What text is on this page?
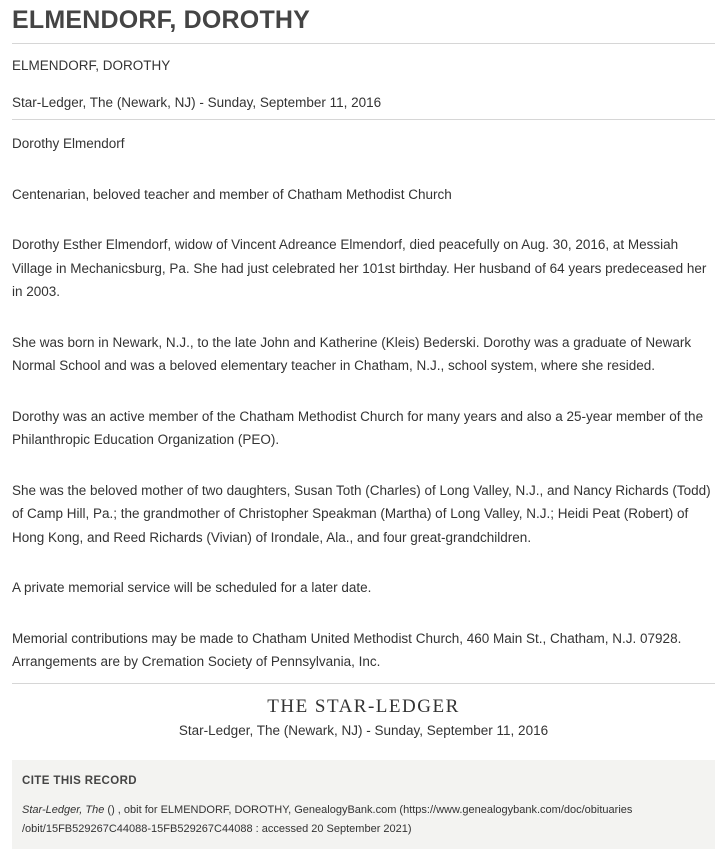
ELMENDORF, DOROTHY
ELMENDORF, DOROTHY
Star-Ledger, The (Newark, NJ) - Sunday, September 11, 2016

Dorothy Elmendorf

Centenarian, beloved teacher and member of Chatham Methodist Church

Dorothy Esther Elmendorf, widow of Vincent Adreance Elmendorf, died peacefully on Aug. 30, 2016, at Messiah Village in Mechanicsburg, Pa. She had just celebrated her 101st birthday. Her husband of 64 years predeceased her in 2003.

She was born in Newark, N.J., to the late John and Katherine (Kleis) Bederski. Dorothy was a graduate of Newark Normal School and was a beloved elementary teacher in Chatham, N.J., school system, where she resided.

Dorothy was an active member of the Chatham Methodist Church for many years and also a 25-year member of the Philanthropic Education Organization (PEO).

She was the beloved mother of two daughters, Susan Toth (Charles) of Long Valley, N.J., and Nancy Richards (Todd) of Camp Hill, Pa.; the grandmother of Christopher Speakman (Martha) of Long Valley, N.J.; Heidi Peat (Robert) of Hong Kong, and Reed Richards (Vivian) of Irondale, Ala., and four great-grandchildren.

A private memorial service will be scheduled for a later date.

Memorial contributions may be made to Chatham United Methodist Church, 460 Main St., Chatham, N.J. 07928. Arrangements are by Cremation Society of Pennsylvania, Inc.

THE STAR-LEDGER
Star-Ledger, The (Newark, NJ) - Sunday, September 11, 2016
CITE THIS RECORD
Star-Ledger, The () , obit for ELMENDORF, DOROTHY, GenealogyBank.com (https://www.genealogybank.com/doc/obituaries
/obit/15FB529267C44088-15FB529267C44088 : accessed 20 September 2021)
